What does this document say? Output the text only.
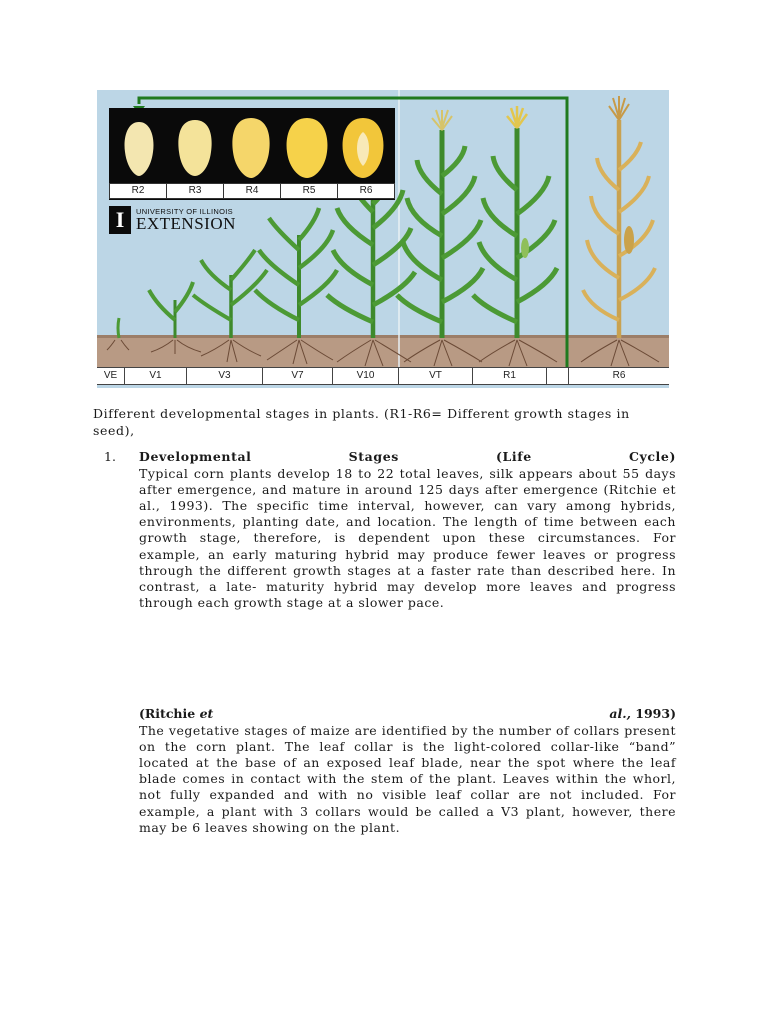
R2	R3	R4	R5	R6
I	UNIVERSITY OF ILLINOIS
EXTENSION
VE	V1	V3	V7	V10	VT	R1	R6
Different developmental stages in plants. (R1-R6= Different growth stages in seed),
1. Developmental	Stages	(Life	Cycle)

Typical corn plants develop 18 to 22 total leaves, silk appears about 55 days after emergence, and mature in around 125 days after emergence (Ritchie et al., 1993). The specific time interval, however, can vary among hybrids, environments, planting date, and location. The length of time between each growth stage, therefore, is dependent upon these circumstances. For example, an early maturing hybrid may produce fewer leaves or progress through the different growth stages at a faster rate than described here. In contrast, a late- maturity hybrid may develop more leaves and progress through each growth stage at a slower pace.

(Ritchie et	al., 1993)

The vegetative stages of maize are identified by the number of collars present on the corn plant. The leaf collar is the light-colored collar-like “band” located at the base of an exposed leaf blade, near the spot where the leaf blade comes in contact with the stem of the plant. Leaves within the whorl, not fully expanded and with no visible leaf collar are not included. For example, a plant with 3 collars would be called a V3 plant, however, there may be 6 leaves showing on the plant.
